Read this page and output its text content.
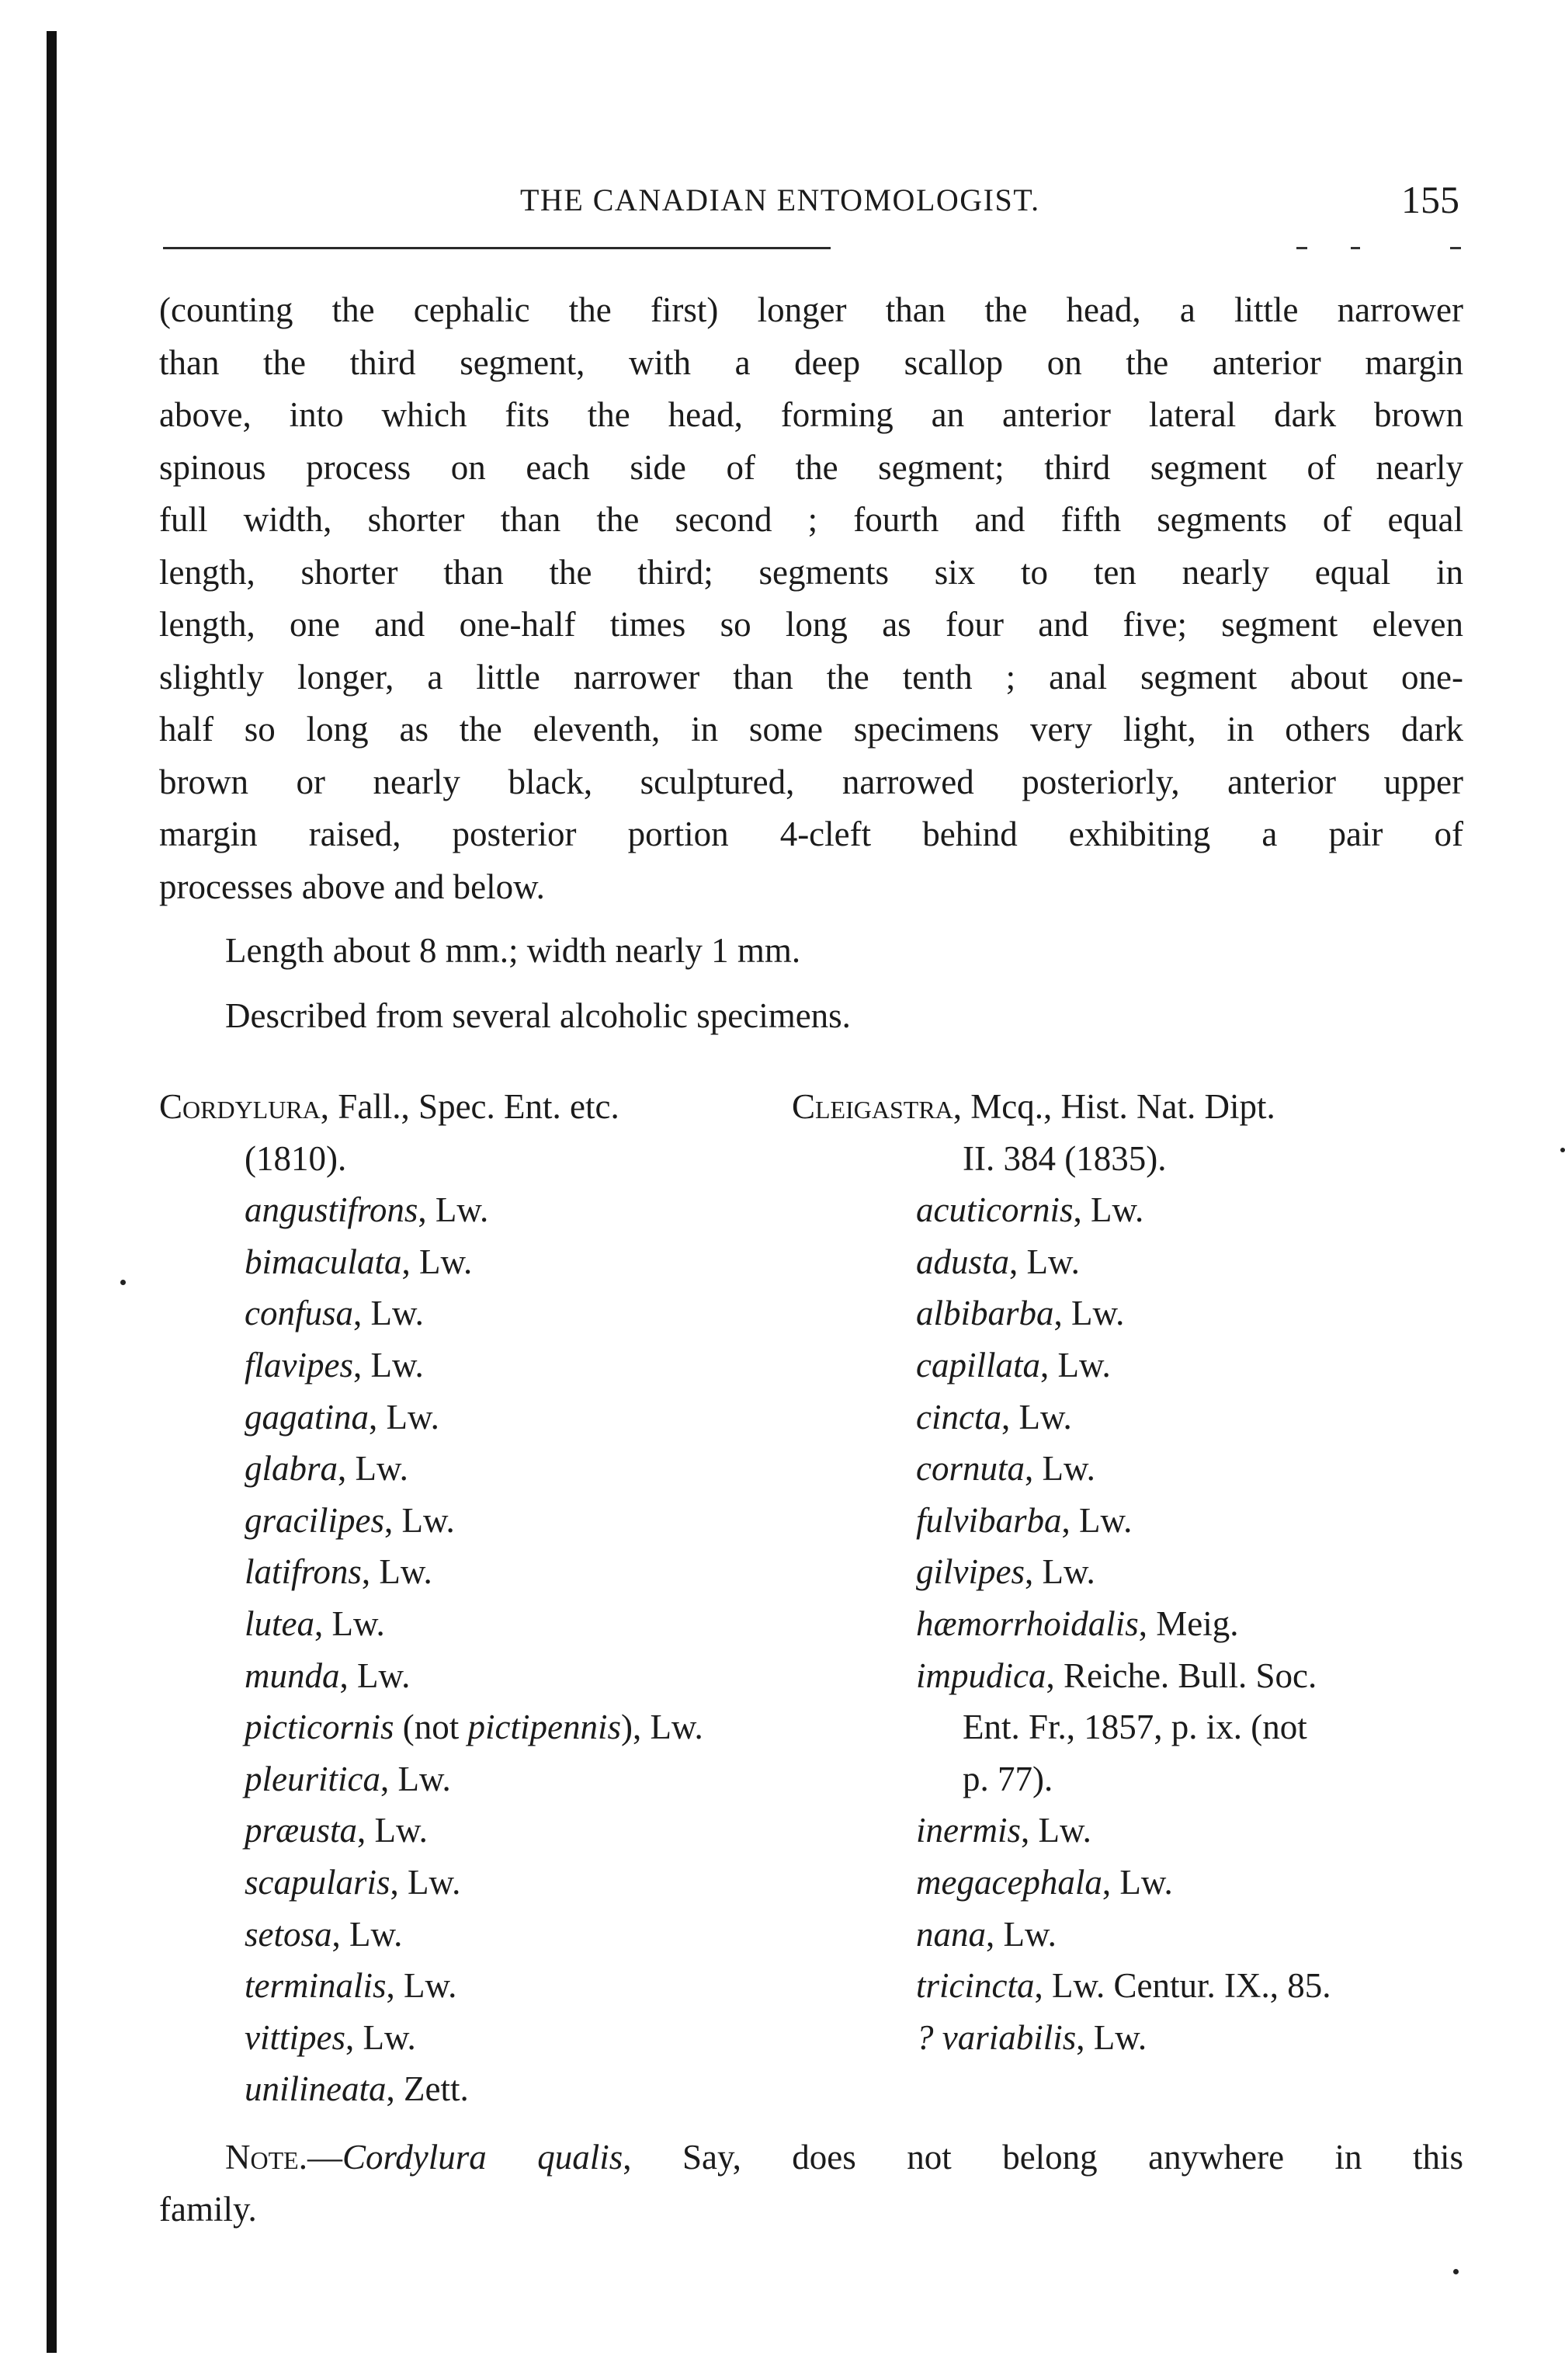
THE CANADIAN ENTOMOLOGIST.	155
(counting the cephalic the first) longer than the head, a little narrower
than the third segment, with a deep scallop on the anterior margin
above, into which fits the head, forming an anterior lateral dark brown
spinous process on each side of the segment; third segment of nearly
full width, shorter than the second ; fourth and fifth segments of equal
length, shorter than the third; segments six to ten nearly equal in
length, one and one-half times so long as four and five; segment eleven
slightly longer, a little narrower than the tenth ; anal segment about one-
half so long as the eleventh, in some specimens very light, in others dark
brown or nearly black, sculptured, narrowed posteriorly, anterior upper
margin raised, posterior portion 4-cleft behind exhibiting a pair of
processes above and below.
Length about 8 mm.; width nearly 1 mm.
Described from several alcoholic specimens.
Cordylura, Fall., Spec. Ent. etc.
(1810).
angustifrons, Lw.
bimaculata, Lw.
confusa, Lw.
flavipes, Lw.
gagatina, Lw.
glabra, Lw.
gracilipes, Lw.
latifrons, Lw.
lutea, Lw.
munda, Lw.
picticornis (not pictipennis), Lw.
pleuritica, Lw.
præusta, Lw.
scapularis, Lw.
setosa, Lw.
terminalis, Lw.
vittipes, Lw.
unilineata, Zett.
Cleigastra, Mcq., Hist. Nat. Dipt.
II. 384 (1835).
acuticornis, Lw.
adusta, Lw.
albibarba, Lw.
capillata, Lw.
cincta, Lw.
cornuta, Lw.
fulvibarba, Lw.
gilvipes, Lw.
hæmorrhoidalis, Meig.
impudica, Reiche. Bull. Soc.
Ent. Fr., 1857, p. ix. (not
p. 77).
inermis, Lw.
megacephala, Lw.
nana, Lw.
tricincta, Lw. Centur. IX., 85.
? variabilis, Lw.
Note.—Cordylura qualis, Say, does not belong anywhere in this
family.
